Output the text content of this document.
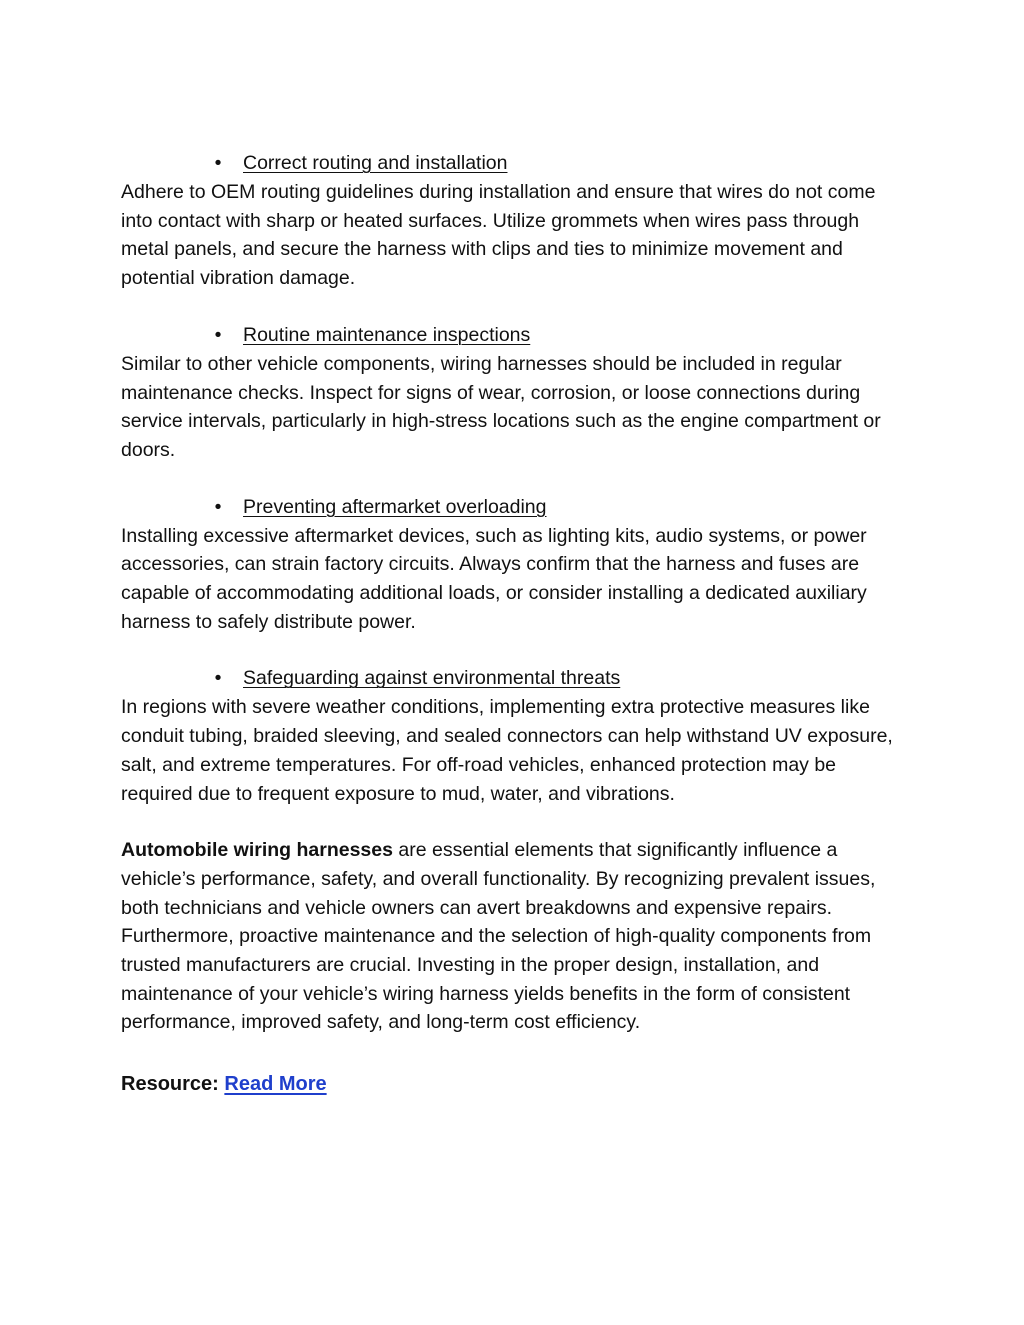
• Correct routing and installation

Adhere to OEM routing guidelines during installation and ensure that wires do not come into contact with sharp or heated surfaces. Utilize grommets when wires pass through metal panels, and secure the harness with clips and ties to minimize movement and potential vibration damage.

• Routine maintenance inspections

Similar to other vehicle components, wiring harnesses should be included in regular maintenance checks. Inspect for signs of wear, corrosion, or loose connections during service intervals, particularly in high-stress locations such as the engine compartment or doors.

• Preventing aftermarket overloading

Installing excessive aftermarket devices, such as lighting kits, audio systems, or power accessories, can strain factory circuits. Always confirm that the harness and fuses are capable of accommodating additional loads, or consider installing a dedicated auxiliary harness to safely distribute power.

• Safeguarding against environmental threats

In regions with severe weather conditions, implementing extra protective measures like conduit tubing, braided sleeving, and sealed connectors can help withstand UV exposure, salt, and extreme temperatures. For off-road vehicles, enhanced protection may be required due to frequent exposure to mud, water, and vibrations.

Automobile wiring harnesses are essential elements that significantly influence a vehicle’s performance, safety, and overall functionality. By recognizing prevalent issues, both technicians and vehicle owners can avert breakdowns and expensive repairs. Furthermore, proactive maintenance and the selection of high-quality components from trusted manufacturers are crucial. Investing in the proper design, installation, and maintenance of your vehicle’s wiring harness yields benefits in the form of consistent performance, improved safety, and long-term cost efficiency.

Resource: Read More
